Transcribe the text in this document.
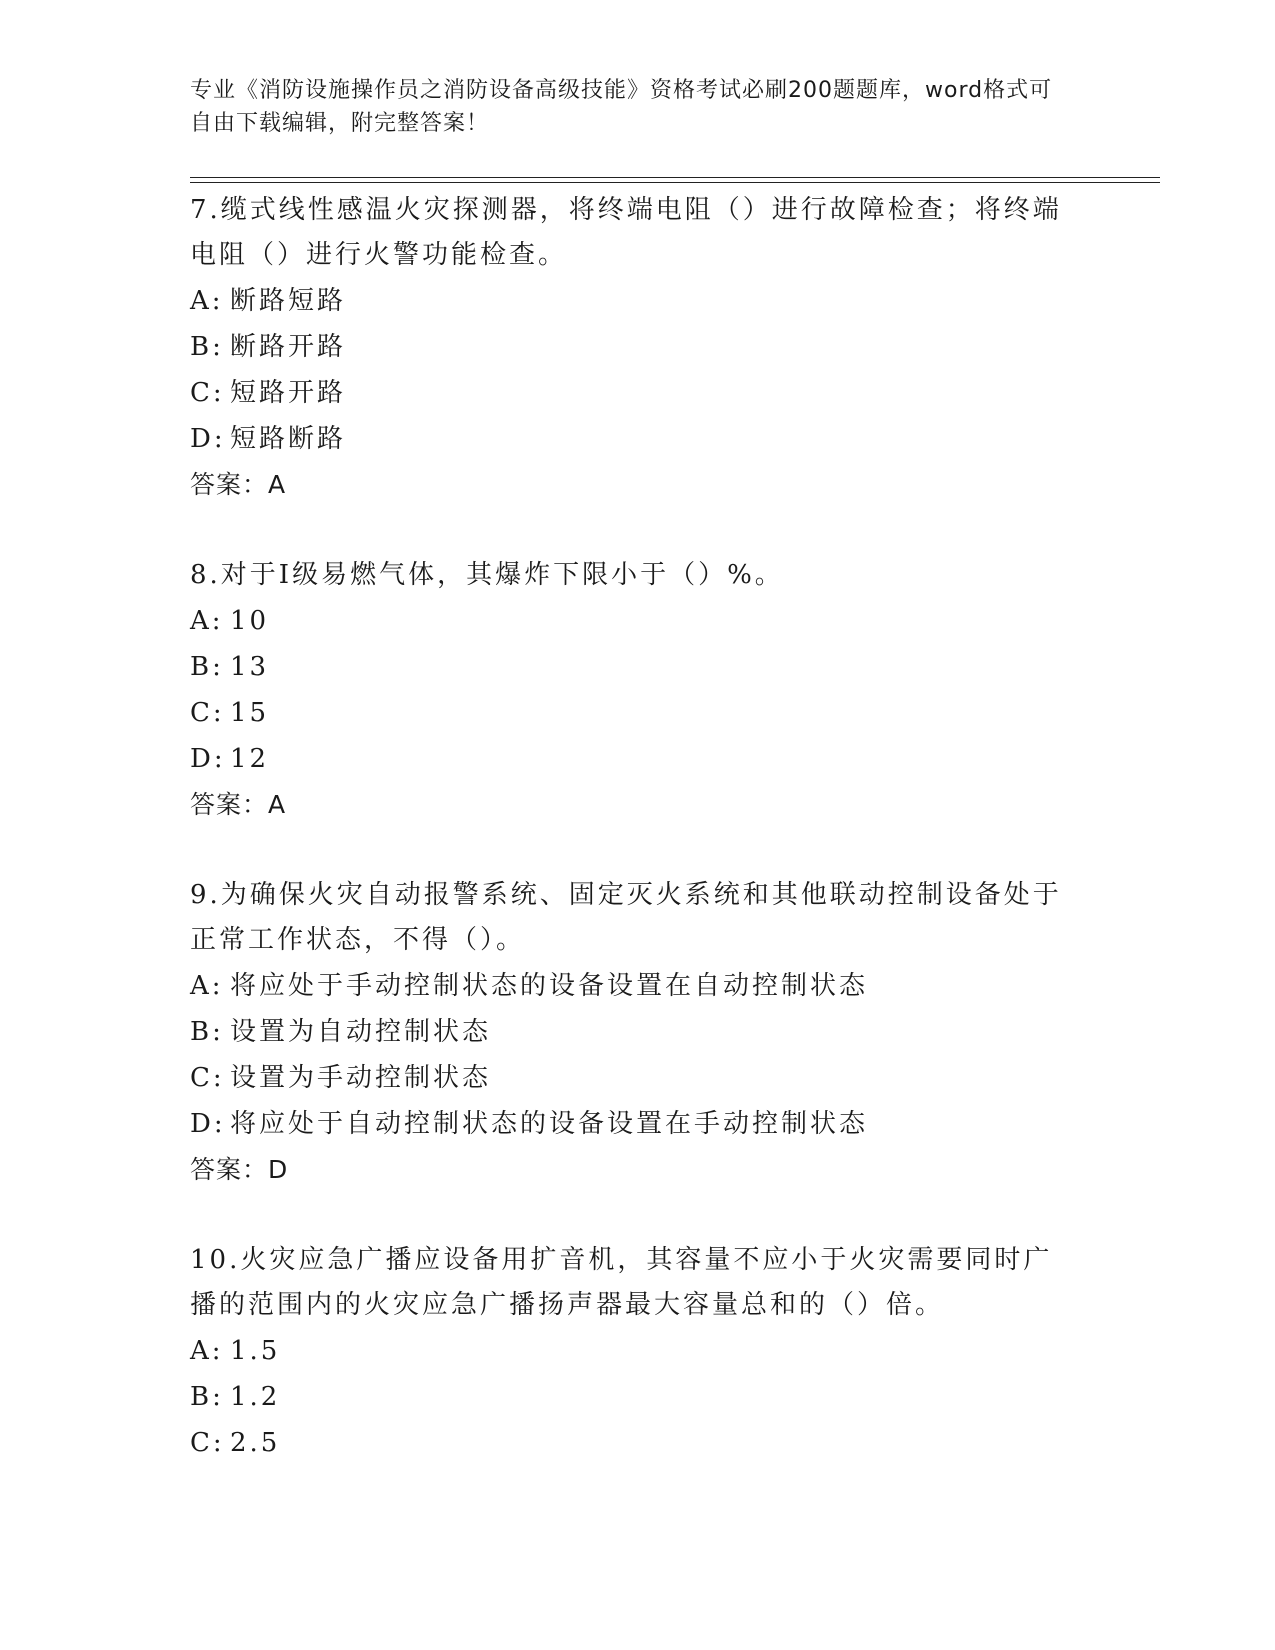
专业《消防设施操作员之消防设备高级技能》资格考试必刷200题题库，word格式可自由下载编辑，附完整答案！

7.缆式线性感温火灾探测器，将终端电阻（）进行故障检查；将终端电阻（）进行火警功能检查。

A: 断路短路

B: 断路开路

C: 短路开路

D: 短路断路

答案：A

8.对于Ⅰ级易燃气体，其爆炸下限小于（）%。

A: 10

B: 13

C: 15

D: 12

答案：A

9.为确保火灾自动报警系统、固定灭火系统和其他联动控制设备处于正常工作状态，不得（）。

A: 将应处于手动控制状态的设备设置在自动控制状态

B: 设置为自动控制状态

C: 设置为手动控制状态

D: 将应处于自动控制状态的设备设置在手动控制状态

答案：D

10.火灾应急广播应设备用扩音机，其容量不应小于火灾需要同时广播的范围内的火灾应急广播扬声器最大容量总和的（）倍。

A: 1.5

B: 1.2

C: 2.5
